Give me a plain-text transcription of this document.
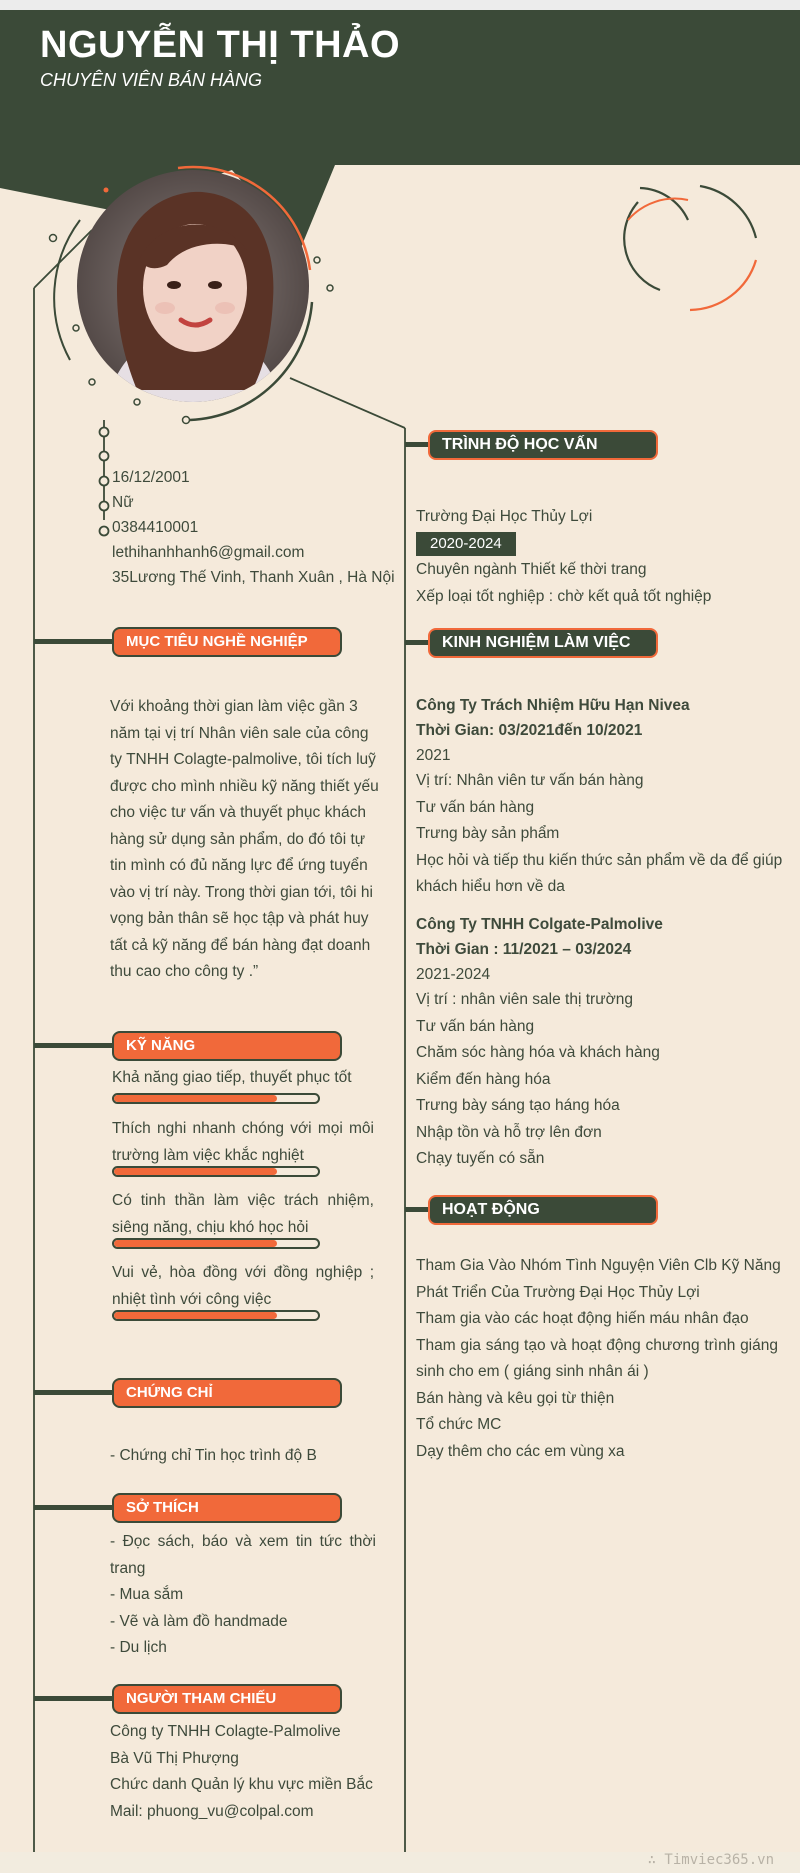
NGUYỄN THỊ THẢO
CHUYÊN VIÊN BÁN HÀNG
16/12/2001
Nữ
0384410001
lethihanhhanh6@gmail.com
35Lương Thế Vinh, Thanh Xuân , Hà Nội
MỤC TIÊU NGHỀ NGHIỆP
Với khoảng thời gian làm việc gần 3
năm tại vị trí Nhân viên sale của công
ty TNHH Colagte-palmolive, tôi tích luỹ
được cho mình nhiều kỹ năng thiết yếu
cho việc tư vấn và thuyết phục khách
hàng sử dụng sản phẩm, do đó tôi tự
tin mình có đủ năng lực để ứng tuyển
vào vị trí này. Trong thời gian tới, tôi hi
vọng bản thân sẽ học tập và phát huy
tất cả kỹ năng để bán hàng đạt doanh
thu cao cho công ty .”
KỸ NĂNG
Khả năng giao tiếp, thuyết phục tốt
Thích nghi nhanh chóng với mọi môi
trường làm việc khắc nghiệt
Có tinh thần làm việc trách nhiệm,
siêng năng, chịu khó học hỏi
Vui vẻ, hòa đồng với đồng nghiệp ;
nhiệt tình với công việc
CHỨNG CHỈ
- Chứng chỉ Tin học trình độ B
SỞ THÍCH
- Đọc sách, báo và xem tin tức thời
trang
- Mua sắm
- Vẽ và làm đồ handmade
- Du lịch
NGƯỜI THAM CHIẾU
Công ty TNHH Colagte-Palmolive
Bà Vũ Thị Phượng
Chức danh Quản lý khu vực miền Bắc
Mail: phuong_vu@colpal.com
TRÌNH ĐỘ HỌC VẤN
Trường Đại Học Thủy Lợi
2020-2024
Chuyên ngành Thiết kế thời trang
Xếp loại tốt nghiệp : chờ kết quả tốt nghiệp
KINH NGHIỆM LÀM VIỆC
Công Ty Trách Nhiệm Hữu Hạn Nivea
Thời Gian: 03/2021đến 10/2021
2021
Vị trí: Nhân viên tư vấn bán hàng
Tư vấn bán hàng
Trưng bày sản phẩm
Học hỏi và tiếp thu kiến thức sản phẩm về da để giúp
khách hiểu hơn về da
Công Ty TNHH Colgate-Palmolive
Thời Gian : 11/2021 – 03/2024
2021-2024
Vị trí : nhân viên sale thị trường
Tư vấn bán hàng
Chăm sóc hàng hóa và khách hàng
Kiểm đến hàng hóa
Trưng bày sáng tạo háng hóa
Nhập tồn và hỗ trợ lên đơn
Chạy tuyến có sẵn
HOẠT ĐỘNG
Tham Gia Vào Nhóm Tình Nguyện Viên Clb Kỹ Năng
Phát Triển Của Trường Đại Học Thủy Lợi
Tham gia vào các hoạt động hiến máu nhân đạo
Tham gia sáng tạo và hoạt động chương trình giáng
sinh cho em ( giáng sinh nhân ái )
Bán hàng và kêu gọi từ thiện
Tổ chức MC
Dạy thêm cho các em vùng xa
∴ Timviec365.vn
